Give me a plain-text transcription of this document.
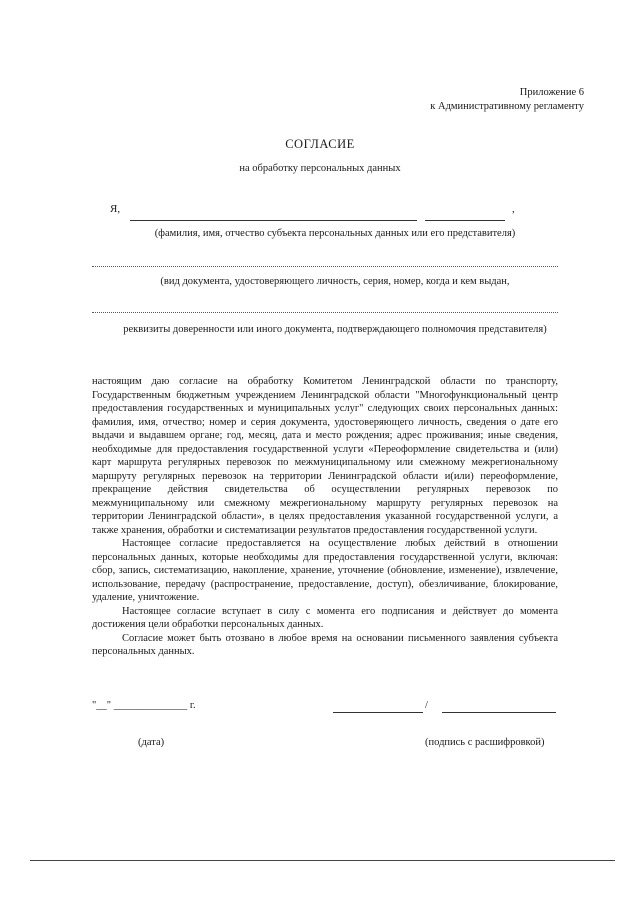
Приложение 6
к Административному регламенту
СОГЛАСИЕ
на обработку персональных данных
Я,	,
(фамилия, имя, отчество субъекта персональных данных или его представителя)
(вид документа, удостоверяющего личность, серия, номер, когда и кем выдан,
реквизиты доверенности или иного документа, подтверждающего полномочия представителя)

настоящим даю согласие на обработку Комитетом Ленинградской области по транспорту, Государственным бюджетным учреждением Ленинградской области "Многофункциональный центр предоставления государственных и муниципальных услуг" следующих своих персональных данных: фамилия, имя, отчество; номер и серия документа, удостоверяющего личность, сведения о дате его выдачи и выдавшем органе; год, месяц, дата и место рождения; адрес проживания; иные сведения, необходимые для предоставления государственной услуги «Переоформление свидетельства и (или) карт маршрута регулярных перевозок по межмуниципальному или смежному межрегиональному маршруту регулярных перевозок на территории Ленинградской области и(или) переоформление, прекращение действия свидетельства об осуществлении регулярных перевозок по межмуниципальному или смежному межрегиональному маршруту регулярных перевозок на территории Ленинградской области», в целях предоставления указанной государственной услуги, а также хранения, обработки и систематизации результатов предоставления государственной услуги.

Настоящее согласие предоставляется на осуществление любых действий в отношении персональных данных, которые необходимы для предоставления государственной услуги, включая: сбор, запись, систематизацию, накопление, хранение, уточнение (обновление, изменение), извлечение, использование, передачу (распространение, предоставление, доступ), обезличивание, блокирование, удаление, уничтожение.

Настоящее согласие вступает в силу с момента его подписания и действует до момента достижения цели обработки персональных данных.

Согласие может быть отозвано в любое время на основании письменного заявления субъекта персональных данных.

"__" ______________ г.	/
(дата)	(подпись с расшифровкой)
